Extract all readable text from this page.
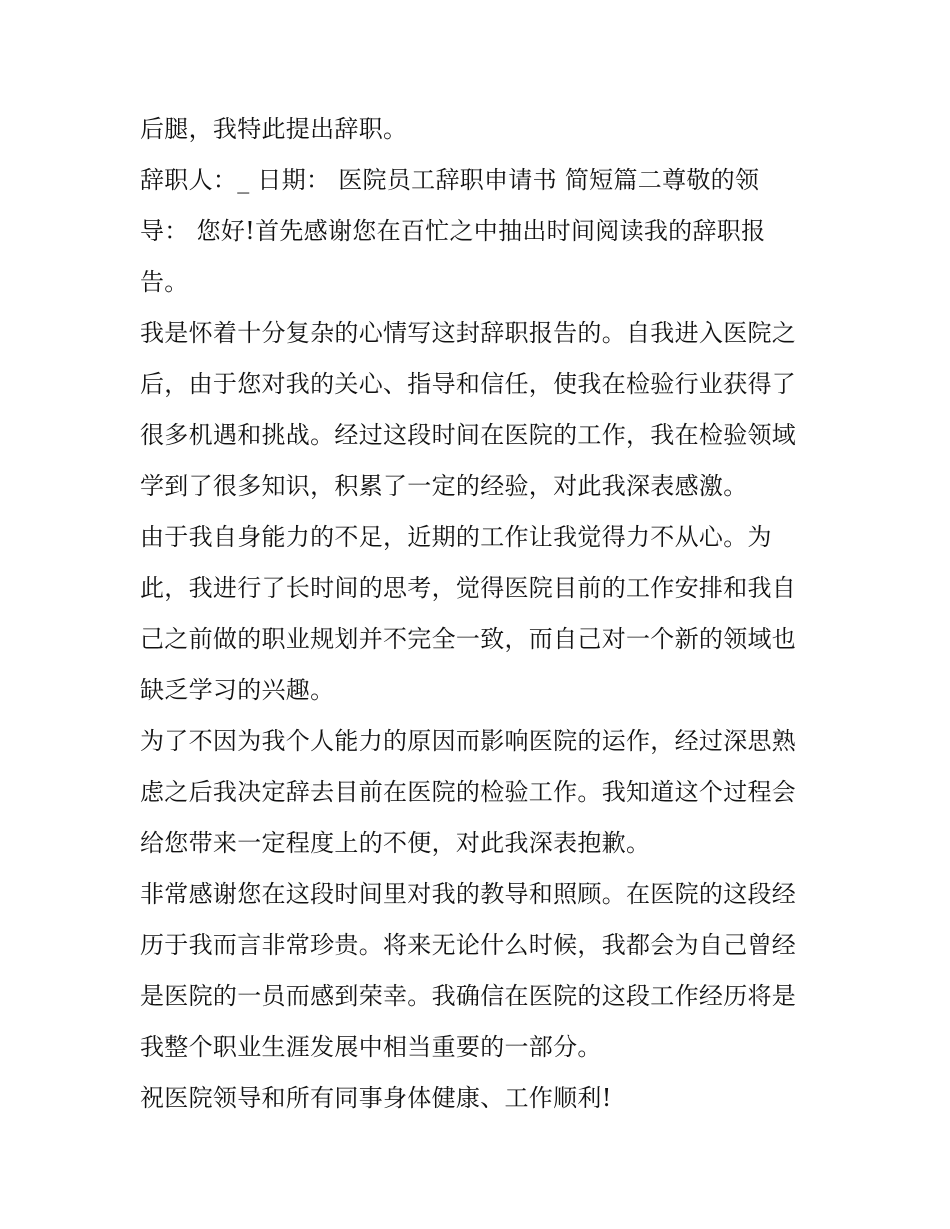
后腿，我特此提出辞职。
辞职人：_ 日期： 医院员工辞职申请书 简短篇二尊敬的领
导： 您好!首先感谢您在百忙之中抽出时间阅读我的辞职报
告。
我是怀着十分复杂的心情写这封辞职报告的。自我进入医院之
后，由于您对我的关心、指导和信任，使我在检验行业获得了
很多机遇和挑战。经过这段时间在医院的工作，我在检验领域
学到了很多知识，积累了一定的经验，对此我深表感激。
由于我自身能力的不足，近期的工作让我觉得力不从心。为
此，我进行了长时间的思考，觉得医院目前的工作安排和我自
己之前做的职业规划并不完全一致，而自己对一个新的领域也
缺乏学习的兴趣。
为了不因为我个人能力的原因而影响医院的运作，经过深思熟
虑之后我决定辞去目前在医院的检验工作。我知道这个过程会
给您带来一定程度上的不便，对此我深表抱歉。
非常感谢您在这段时间里对我的教导和照顾。在医院的这段经
历于我而言非常珍贵。将来无论什么时候，我都会为自己曾经
是医院的一员而感到荣幸。我确信在医院的这段工作经历将是
我整个职业生涯发展中相当重要的一部分。
祝医院领导和所有同事身体健康、工作顺利!
